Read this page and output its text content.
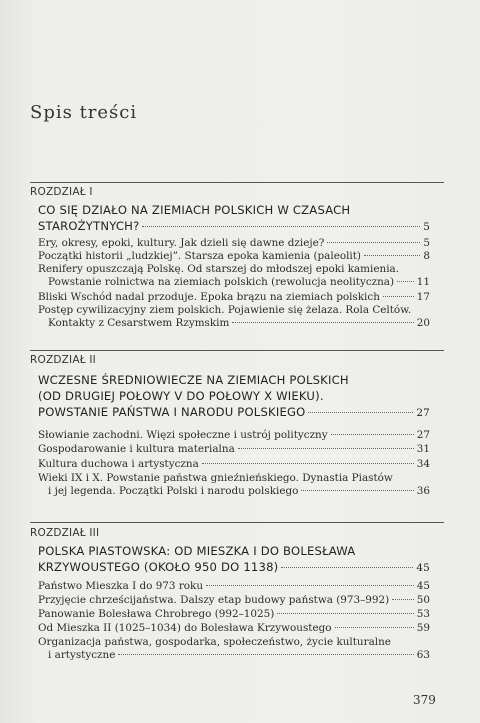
Spis treści
ROZDZIAŁ I
CO SIĘ DZIAŁO NA ZIEMIACH POLSKICH W CZASACH
STAROŻYTNYCH?	5
Ery, okresy, epoki, kultury. Jak dzieli się dawne dzieje?	5
Początki historii „ludzkiej”. Starsza epoka kamienia (paleolit)	8
Renifery opuszczają Polskę. Od starszej do młodszej epoki kamienia.
Powstanie rolnictwa na ziemiach polskich (rewolucja neolityczna) 11
Bliski Wschód nadal przoduje. Epoka brązu na ziemiach polskich	17
Postęp cywilizacyjny ziem polskich. Pojawienie się żelaza. Rola Celtów.
Kontakty z Cesarstwem Rzymskim	20
ROZDZIAŁ II
WCZESNE ŚREDNIOWIECZE NA ZIEMIACH POLSKICH
(OD DRUGIEJ POŁOWY V DO POŁOWY X WIEKU).
POWSTANIE PAŃSTWA I NARODU POLSKIEGO	27
Słowianie zachodni. Więzi społeczne i ustrój polityczny	27
Gospodarowanie i kultura materialna	31
Kultura duchowa i artystyczna	34
Wieki IX i X. Powstanie państwa gnieźnieńskiego. Dynastia Piastów
i jej legenda. Początki Polski i narodu polskiego	36
ROZDZIAŁ III
POLSKA PIASTOWSKA: OD MIESZKA I DO BOLESŁAWA
KRZYWOUSTEGO (OKOŁO 950 DO 1138)	45
Państwo Mieszka I do 973 roku	45
Przyjęcie chrześcijaństwa. Dalszy etap budowy państwa (973–992)	50
Panowanie Bolesława Chrobrego (992–1025)	53
Od Mieszka II (1025–1034) do Bolesława Krzywoustego	59
Organizacja państwa, gospodarka, społeczeństwo, życie kulturalne
i artystyczne	63
379
